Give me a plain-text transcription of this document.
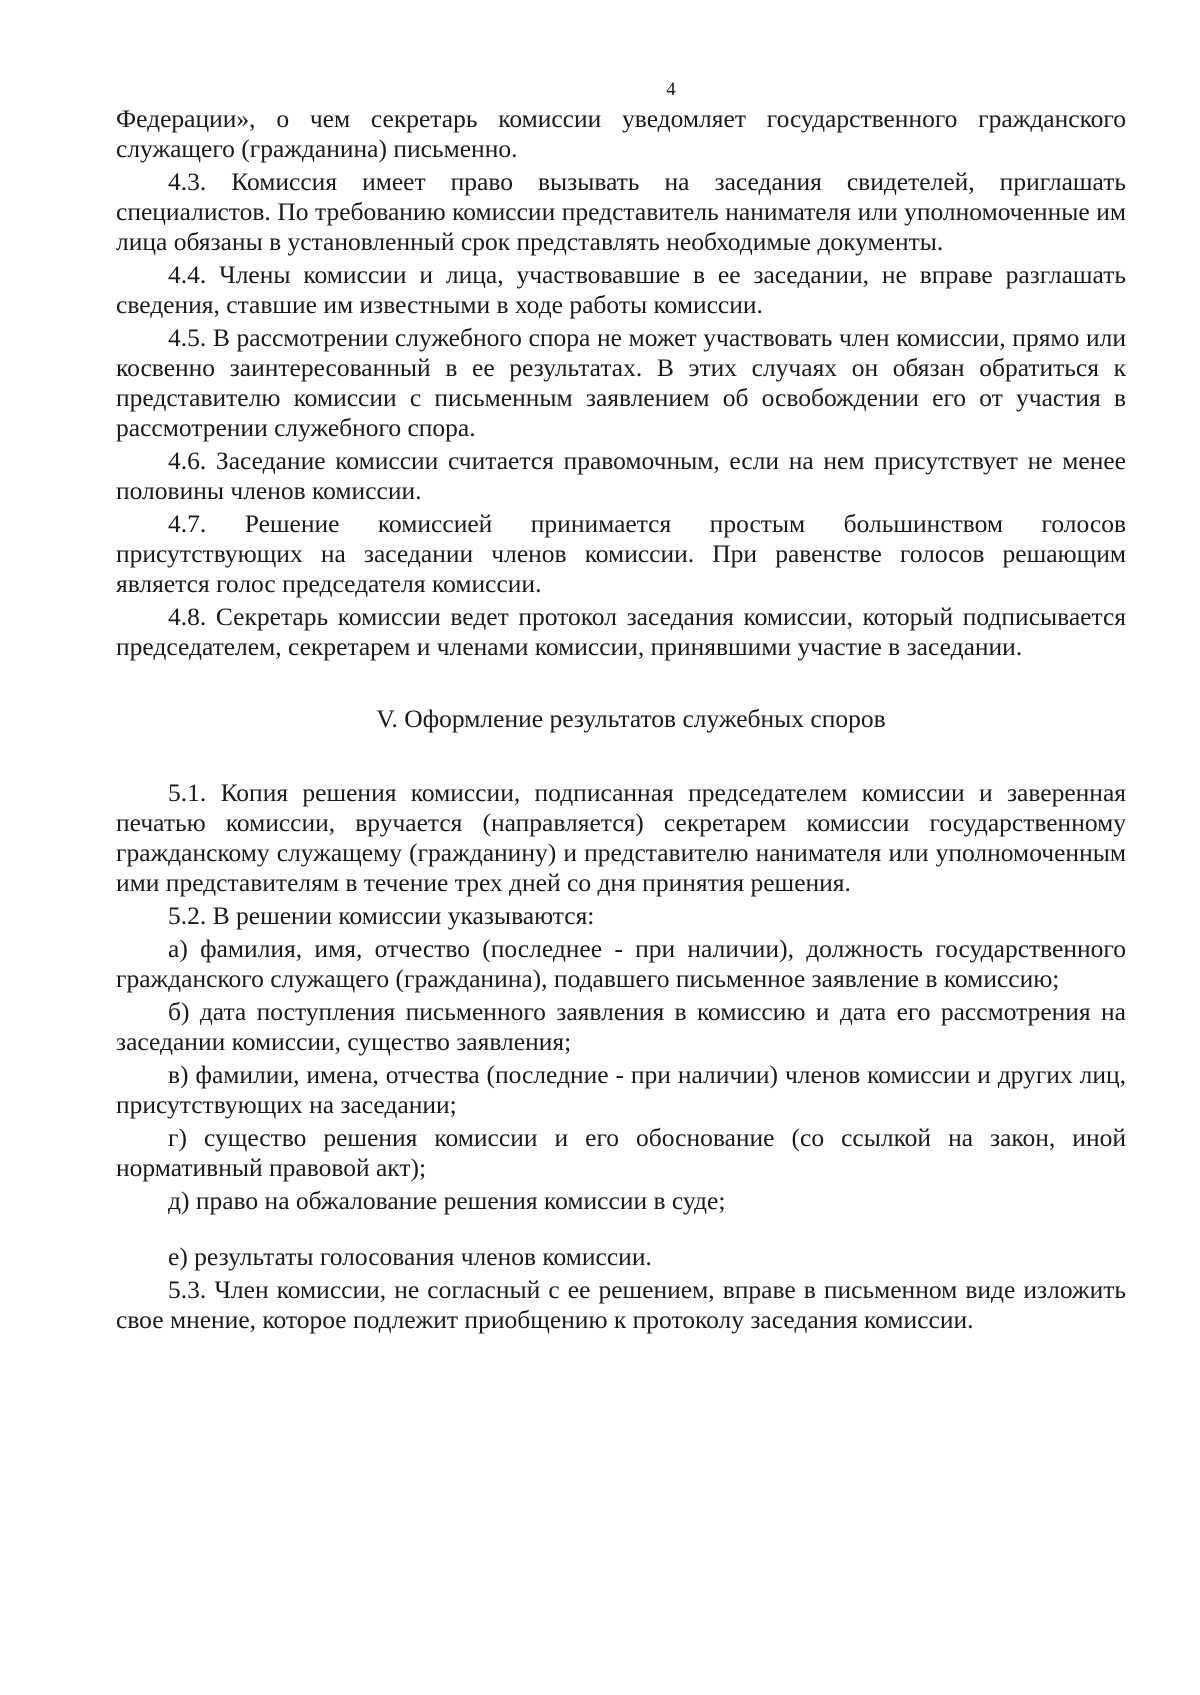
4

Федерации», о чем секретарь комиссии уведомляет государственного гражданского служащего (гражданина) письменно.

4.3. Комиссия имеет право вызывать на заседания свидетелей, приглашать специалистов. По требованию комиссии представитель нанимателя или уполномоченные им лица обязаны в установленный срок представлять необходимые документы.

4.4. Члены комиссии и лица, участвовавшие в ее заседании, не вправе разглашать сведения, ставшие им известными в ходе работы комиссии.

4.5. В рассмотрении служебного спора не может участвовать член комиссии, прямо или косвенно заинтересованный в ее результатах. В этих случаях он обязан обратиться к представителю комиссии с письменным заявлением об освобождении его от участия в рассмотрении служебного спора.

4.6. Заседание комиссии считается правомочным, если на нем присутствует не менее половины членов комиссии.

4.7. Решение комиссией принимается простым большинством голосов присутствующих на заседании членов комиссии. При равенстве голосов решающим является голос председателя комиссии.

4.8. Секретарь комиссии ведет протокол заседания комиссии, который подписывается председателем, секретарем и членами комиссии, принявшими участие в заседании.

V. Оформление результатов служебных споров

5.1. Копия решения комиссии, подписанная председателем комиссии и заверенная печатью комиссии, вручается (направляется) секретарем комиссии государственному гражданскому служащему (гражданину) и представителю нанимателя или уполномоченным ими представителям в течение трех дней со дня принятия решения.

5.2. В решении комиссии указываются:

а) фамилия, имя, отчество (последнее - при наличии), должность государственного гражданского служащего (гражданина), подавшего письменное заявление в комиссию;

б) дата поступления письменного заявления в комиссию и дата его рассмотрения на заседании комиссии, существо заявления;

в) фамилии, имена, отчества (последние - при наличии) членов комиссии и других лиц, присутствующих на заседании;

г) существо решения комиссии и его обоснование (со ссылкой на закон, иной нормативный правовой акт);

д) право на обжалование решения комиссии в суде;

е) результаты голосования членов комиссии.

5.3. Член комиссии, не согласный с ее решением, вправе в письменном виде изложить свое мнение, которое подлежит приобщению к протоколу заседания комиссии.
